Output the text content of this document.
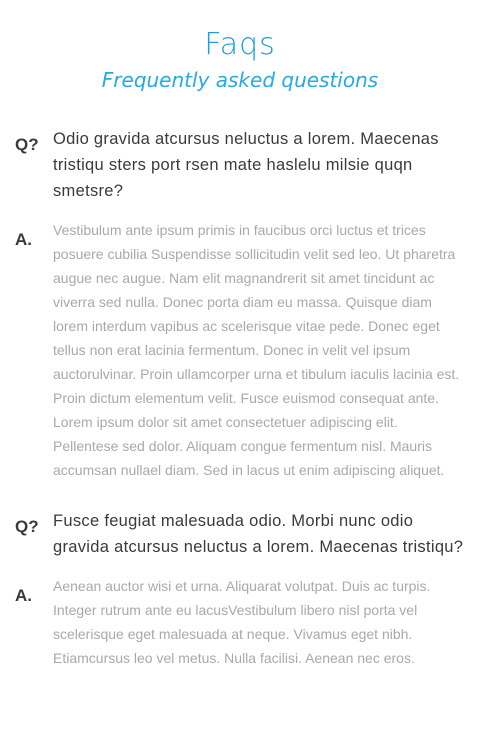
Faqs
Frequently asked questions
Q? Odio gravida atcursus neluctus a lorem. Maecenas tristiqu sters port rsen mate haslelu milsie quqn smetsre?
A.	Vestibulum ante ipsum primis in faucibus orci luctus et trices posuere cubilia Suspendisse sollicitudin velit sed leo. Ut pharetra augue nec augue. Nam elit magnandrerit sit amet tincidunt ac viverra sed nulla. Donec porta diam eu massa. Quisque diam lorem interdum vapibus ac scelerisque vitae pede. Donec eget tellus non erat lacinia fermentum. Donec in velit vel ipsum auctorulvinar. Proin ullamcorper urna et tibulum iaculis lacinia est. Proin dictum elementum velit. Fusce euismod consequat ante. Lorem ipsum dolor sit amet consectetuer adipiscing elit. Pellentese sed dolor. Aliquam congue fermentum nisl. Mauris accumsan nullael diam. Sed in lacus ut enim adipiscing aliquet.
Q? Fusce feugiat malesuada odio. Morbi nunc odio gravida atcursus neluctus a lorem. Maecenas tristiqu?
A.	Aenean auctor wisi et urna. Aliquarat volutpat. Duis ac turpis. Integer rutrum ante eu lacusVestibulum libero nisl porta vel scelerisque eget malesuada at neque. Vivamus eget nibh. Etiamcursus leo vel metus. Nulla facilisi. Aenean nec eros.
